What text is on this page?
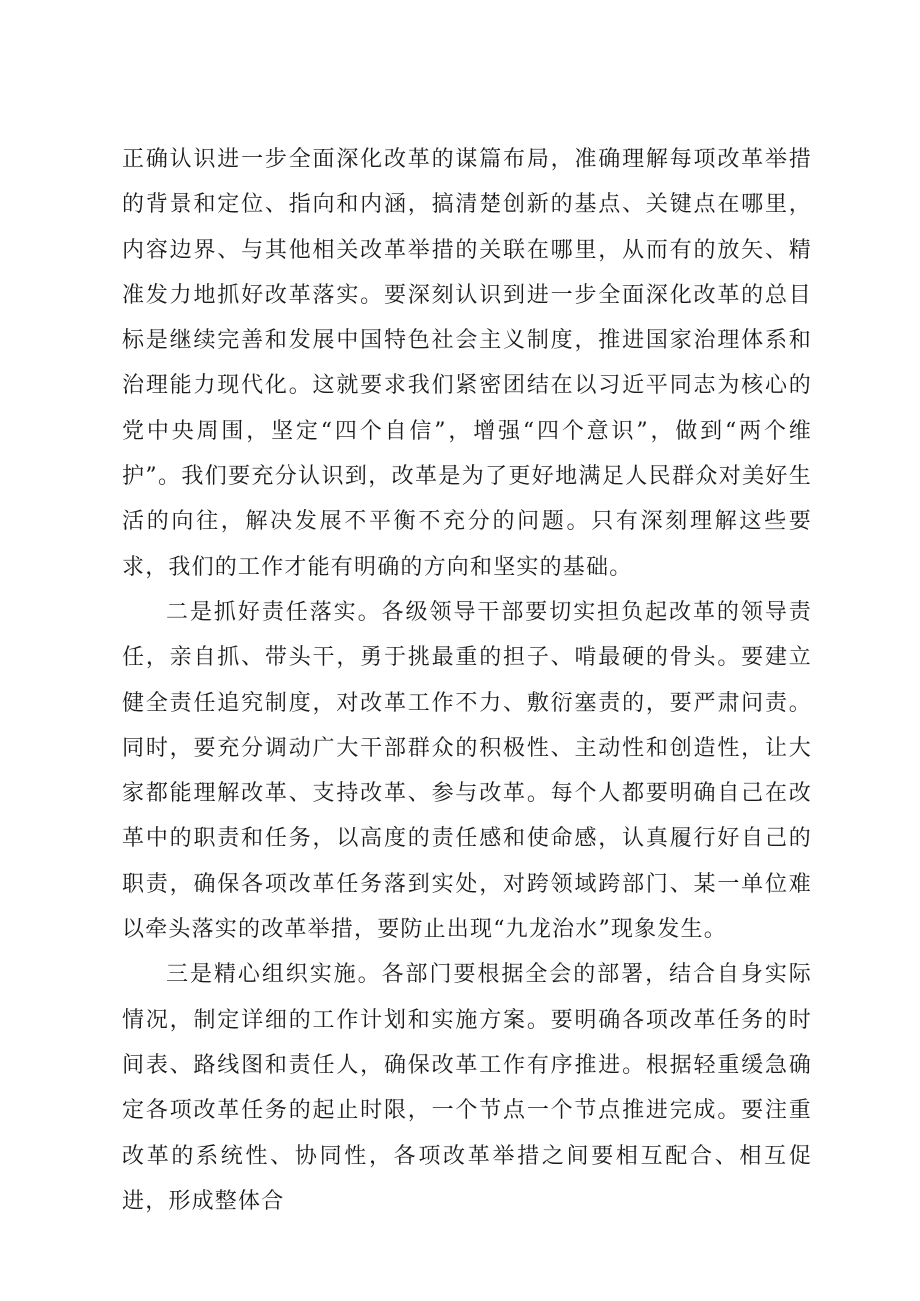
正确认识进一步全面深化改革的谋篇布局，准确理解每项改革举措的背景和定位、指向和内涵，搞清楚创新的基点、关键点在哪里，内容边界、与其他相关改革举措的关联在哪里，从而有的放矢、精准发力地抓好改革落实。要深刻认识到进一步全面深化改革的总目标是继续完善和发展中国特色社会主义制度，推进国家治理体系和治理能力现代化。这就要求我们紧密团结在以习近平同志为核心的党中央周围，坚定“四个自信”，增强“四个意识”，做到“两个维护”。我们要充分认识到，改革是为了更好地满足人民群众对美好生活的向往，解决发展不平衡不充分的问题。只有深刻理解这些要求，我们的工作才能有明确的方向和坚实的基础。

二是抓好责任落实。各级领导干部要切实担负起改革的领导责任，亲自抓、带头干，勇于挑最重的担子、啃最硬的骨头。要建立健全责任追究制度，对改革工作不力、敷衍塞责的，要严肃问责。同时，要充分调动广大干部群众的积极性、主动性和创造性，让大家都能理解改革、支持改革、参与改革。每个人都要明确自己在改革中的职责和任务，以高度的责任感和使命感，认真履行好自己的职责，确保各项改革任务落到实处，对跨领域跨部门、某一单位难以牵头落实的改革举措，要防止出现“九龙治水”现象发生。

三是精心组织实施。各部门要根据全会的部署，结合自身实际情况，制定详细的工作计划和实施方案。要明确各项改革任务的时间表、路线图和责任人，确保改革工作有序推进。根据轻重缓急确定各项改革任务的起止时限，一个节点一个节点推进完成。要注重改革的系统性、协同性，各项改革举措之间要相互配合、相互促进，形成整体合
